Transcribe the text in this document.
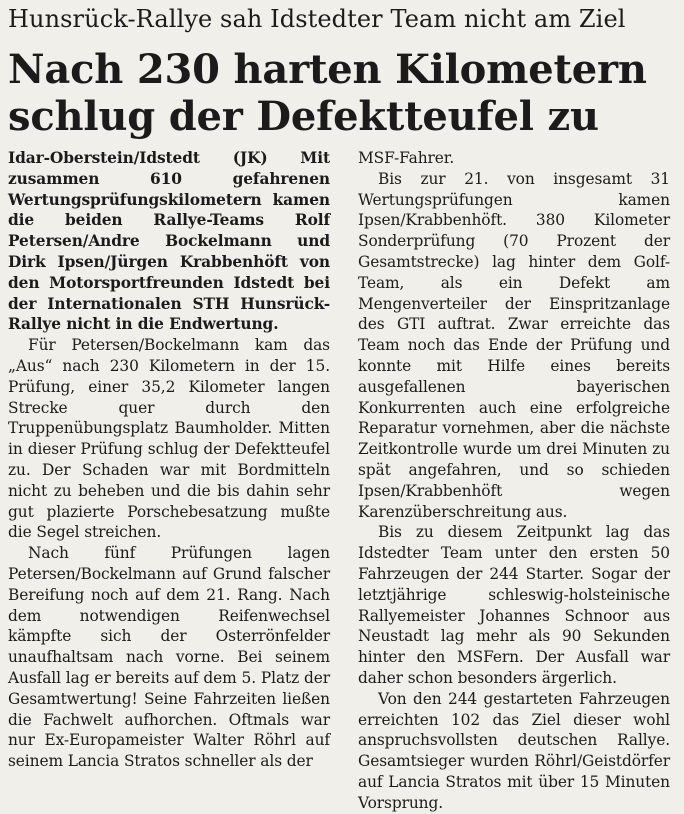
Hunsrück-Rallye sah Idstedter Team nicht am Ziel
Nach 230 harten Kilometern
schlug der Defektteufel zu

Idar-Oberstein/Idstedt (JK) Mit zusammen 610 gefahrenen Wertungsprüfungskilometern kamen die beiden Rallye-Teams Rolf Petersen/Andre Bockelmann und Dirk Ipsen/Jürgen Krabbenhöft von den Motorsportfreunden Idstedt bei der Internationalen STH Hunsrück-Rallye nicht in die Endwertung.

Für Petersen/Bockelmann kam das „Aus“ nach 230 Kilometern in der 15. Prüfung, einer 35,2 Kilometer langen Strecke quer durch den Truppenübungsplatz Baumholder. Mitten in dieser Prüfung schlug der Defektteufel zu. Der Schaden war mit Bordmitteln nicht zu beheben und die bis dahin sehr gut plazierte Porschebesatzung mußte die Segel streichen.

Nach fünf Prüfungen lagen Petersen/Bockelmann auf Grund falscher Bereifung noch auf dem 21. Rang. Nach dem notwendigen Reifenwechsel kämpfte sich der Osterrönfelder unaufhaltsam nach vorne. Bei seinem Ausfall lag er bereits auf dem 5. Platz der Gesamtwertung! Seine Fahrzeiten ließen die Fachwelt aufhorchen. Oftmals war nur Ex-Europameister Walter Röhrl auf seinem Lancia Stratos schneller als der

MSF-Fahrer.

Bis zur 21. von insgesamt 31 Wertungsprüfungen kamen Ipsen/Krabbenhöft. 380 Kilometer Sonderprüfung (70 Prozent der Gesamtstrecke) lag hinter dem Golf-Team, als ein Defekt am Mengenverteiler der Einspritzanlage des GTI auftrat. Zwar erreichte das Team noch das Ende der Prüfung und konnte mit Hilfe eines bereits ausgefallenen bayerischen Konkurrenten auch eine erfolgreiche Reparatur vornehmen, aber die nächste Zeitkontrolle wurde um drei Minuten zu spät angefahren, und so schieden Ipsen/Krabbenhöft wegen Karenzüberschreitung aus.

Bis zu diesem Zeitpunkt lag das Idstedter Team unter den ersten 50 Fahrzeugen der 244 Starter. Sogar der letztjährige schleswig-holsteinische Rallyemeister Johannes Schnoor aus Neustadt lag mehr als 90 Sekunden hinter den MSFern. Der Ausfall war daher schon besonders ärgerlich.

Von den 244 gestarteten Fahrzeugen erreichten 102 das Ziel dieser wohl anspruchsvollsten deutschen Rallye. Gesamtsieger wurden Röhrl/Geistdörfer auf Lancia Stratos mit über 15 Minuten Vorsprung.
